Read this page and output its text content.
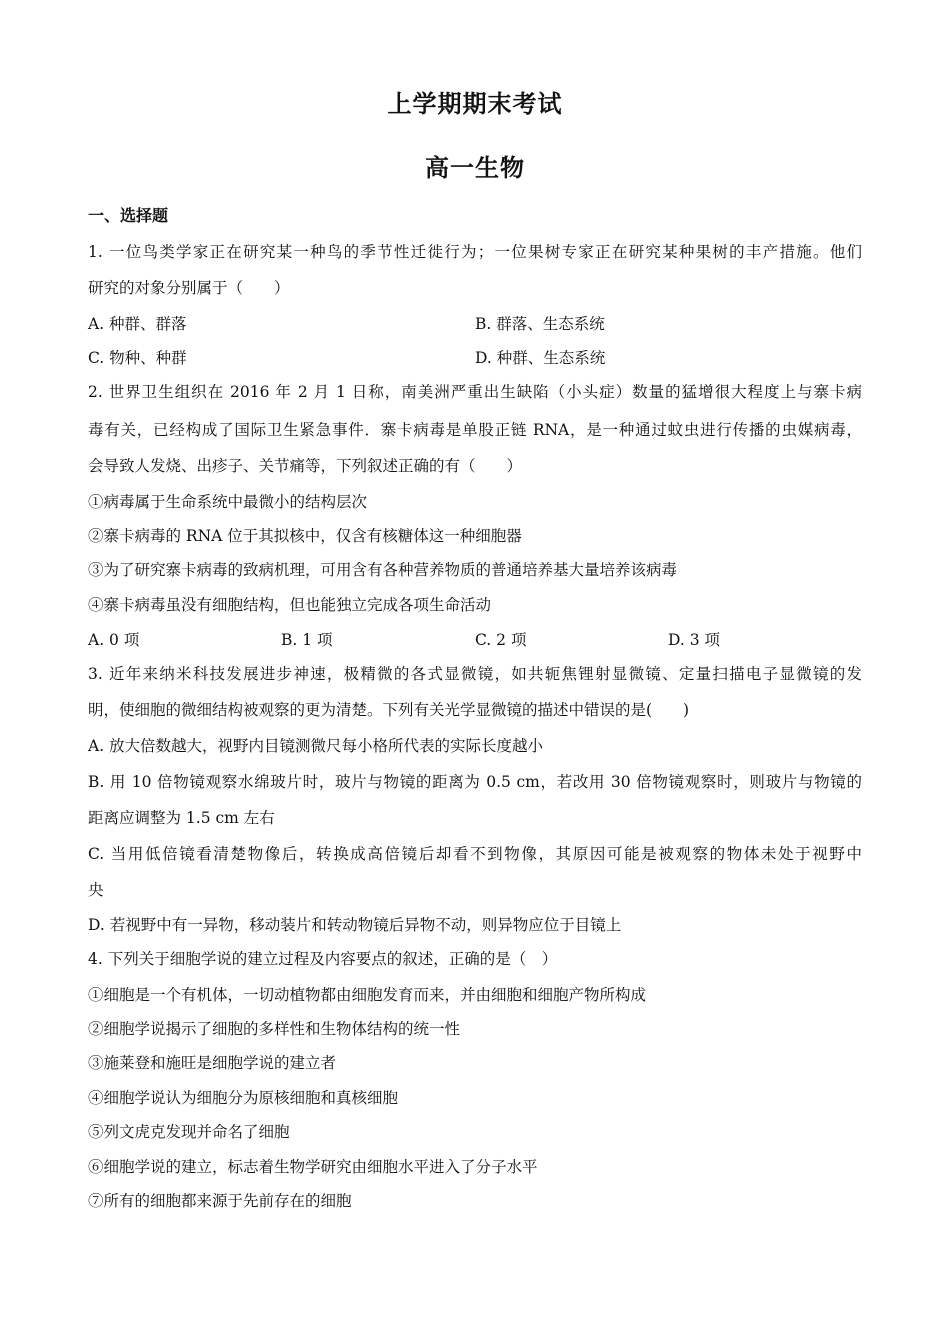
上学期期末考试
高一生物
一、选择题
1. 一位鸟类学家正在研究某一种鸟的季节性迁徙行为；一位果树专家正在研究某种果树的丰产措施。他们
研究的对象分别属于（　　）
A. 种群、群落	B. 群落、生态系统
C. 物种、种群	D. 种群、生态系统
2. 世界卫生组织在 2016 年 2 月 1 日称，南美洲严重出生缺陷（小头症）数量的猛增很大程度上与寨卡病
毒有关，已经构成了国际卫生紧急事件．寨卡病毒是单股正链 RNA，是一种通过蚊虫进行传播的虫媒病毒，
会导致人发烧、出疹子、关节痛等，下列叙述正确的有（　　）
①病毒属于生命系统中最微小的结构层次
②寨卡病毒的 RNA 位于其拟核中，仅含有核糖体这一种细胞器
③为了研究寨卡病毒的致病机理，可用含有各种营养物质的普通培养基大量培养该病毒
④寨卡病毒虽没有细胞结构，但也能独立完成各项生命活动
A. 0 项	B. 1 项	C. 2 项	D. 3 项
3. 近年来纳米科技发展进步神速，极精微的各式显微镜，如共轭焦锂射显微镜、定量扫描电子显微镜的发
明，使细胞的微细结构被观察的更为清楚。下列有关光学显微镜的描述中错误的是(　　)
A. 放大倍数越大，视野内目镜测微尺每小格所代表的实际长度越小
B. 用 10 倍物镜观察水绵玻片时，玻片与物镜的距离为 0.5 cm，若改用 30 倍物镜观察时，则玻片与物镜的
距离应调整为 1.5 cm 左右
C. 当用低倍镜看清楚物像后，转换成高倍镜后却看不到物像，其原因可能是被观察的物体未处于视野中
央
D. 若视野中有一异物，移动装片和转动物镜后异物不动，则异物应位于目镜上
4. 下列关于细胞学说的建立过程及内容要点的叙述，正确的是（　）
①细胞是一个有机体，一切动植物都由细胞发育而来，并由细胞和细胞产物所构成
②细胞学说揭示了细胞的多样性和生物体结构的统一性
③施莱登和施旺是细胞学说的建立者
④细胞学说认为细胞分为原核细胞和真核细胞
⑤列文虎克发现并命名了细胞
⑥细胞学说的建立，标志着生物学研究由细胞水平进入了分子水平
⑦所有的细胞都来源于先前存在的细胞
